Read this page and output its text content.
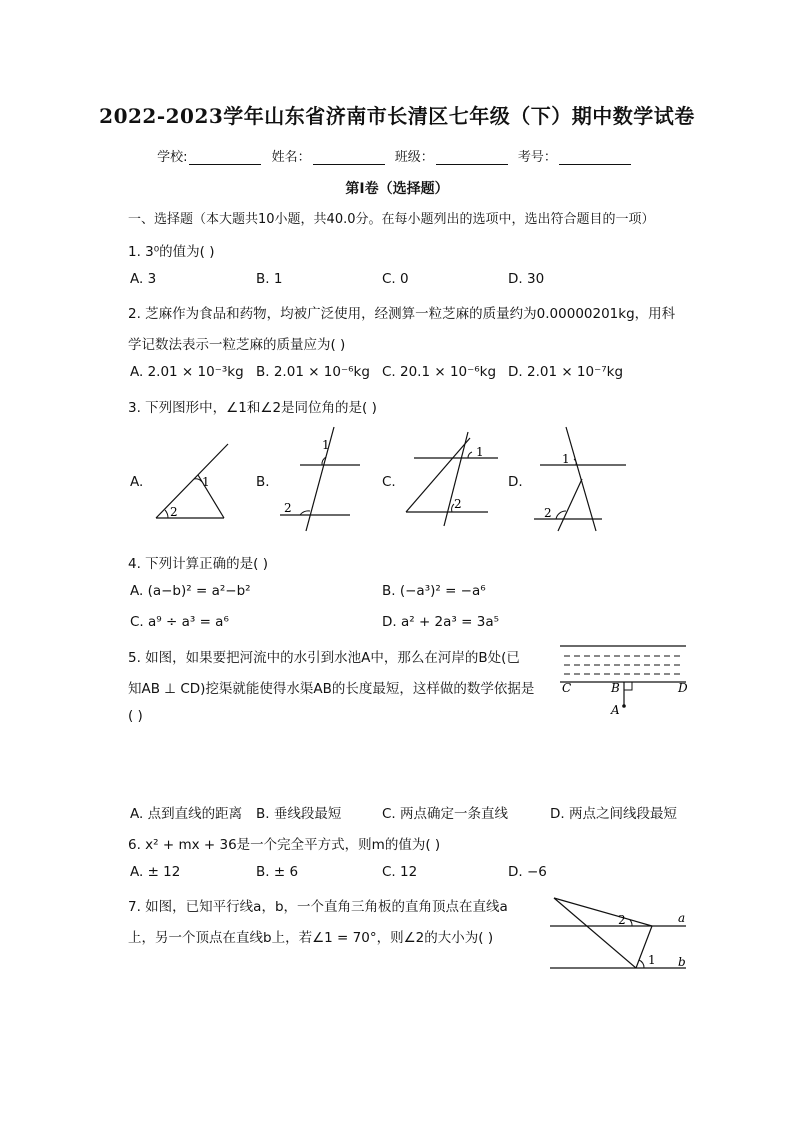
2022-2023学年山东省济南市长清区七年级（下）期中数学试卷
学校:	姓名：	班级：	考号：
第Ⅰ卷（选择题）
一、选择题（本大题共10小题，共40.0分。在每小题列出的选项中，选出符合题目的一项）
1. 3⁰的值为( )
A. 3	B. 1	C. 0	D. 30
2. 芝麻作为食品和药物，均被广泛使用，经测算一粒芝麻的质量约为0.00000201kg，用科
学记数法表示一粒芝麻的质量应为( )
A. 2.01 × 10⁻³kg B. 2.01 × 10⁻⁶kg C. 20.1 × 10⁻⁶kg D. 2.01 × 10⁻⁷kg
3. 下列图形中，∠1和∠2是同位角的是( )
A.	B.	C.	D.
2
1
1
2
1
2
1
2
4. 下列计算正确的是( )
A. (a−b)² = a²−b²	B. (−a³)² = −a⁶
C. a⁹ ÷ a³ = a⁶	D. a² + 2a³ = 3a⁵
5. 如图，如果要把河流中的水引到水池A中，那么在河岸的B处(已
知AB ⊥ CD)挖渠就能使得水渠AB的长度最短，这样做的数学依据是
( )
C	B	D
A
A. 点到直线的距离 B. 垂线段最短	C. 两点确定一条直线	D. 两点之间线段最短
6. x² + mx + 36是一个完全平方式，则m的值为( )
A. ± 12	B. ± 6	C. 12	D. −6
7. 如图，已知平行线a，b，一个直角三角板的直角顶点在直线a
上，另一个顶点在直线b上，若∠1 = 70°，则∠2的大小为( )
2
1
a
b
